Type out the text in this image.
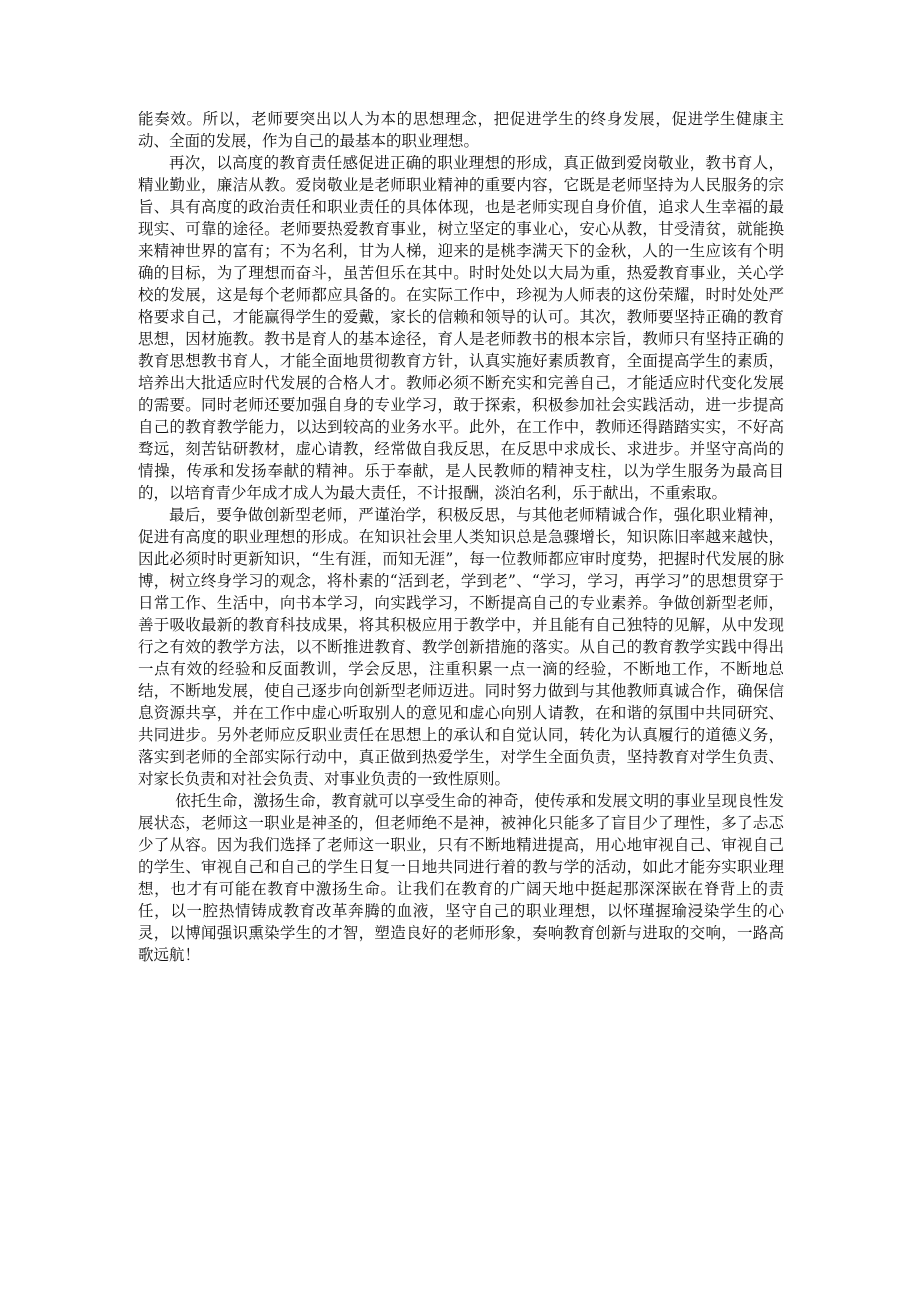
能奏效。所以，老师要突出以人为本的思想理念，把促进学生的终身发展，促进学生健康主动、全面的发展，作为自己的最基本的职业理想。

再次，以高度的教育责任感促进正确的职业理想的形成，真正做到爱岗敬业，教书育人，精业勤业，廉洁从教。爱岗敬业是老师职业精神的重要内容，它既是老师坚持为人民服务的宗旨、具有高度的政治责任和职业责任的具体体现，也是老师实现自身价值，追求人生幸福的最现实、可靠的途径。老师要热爱教育事业，树立坚定的事业心，安心从教，甘受清贫，就能换来精神世界的富有；不为名利，甘为人梯，迎来的是桃李满天下的金秋，人的一生应该有个明确的目标，为了理想而奋斗，虽苦但乐在其中。时时处处以大局为重，热爱教育事业，关心学校的发展，这是每个老师都应具备的。在实际工作中，珍视为人师表的这份荣耀，时时处处严格要求自己，才能赢得学生的爱戴，家长的信赖和领导的认可。其次，教师要坚持正确的教育思想，因材施教。教书是育人的基本途径，育人是老师教书的根本宗旨，教师只有坚持正确的教育思想教书育人，才能全面地贯彻教育方针，认真实施好素质教育，全面提高学生的素质，培养出大批适应时代发展的合格人才。教师必须不断充实和完善自己，才能适应时代变化发展的需要。同时老师还要加强自身的专业学习，敢于探索，积极参加社会实践活动，进一步提高自己的教育教学能力，以达到较高的业务水平。此外，在工作中，教师还得踏踏实实，不好高骛远，刻苦钻研教材，虚心请教，经常做自我反思，在反思中求成长、求进步。并坚守高尚的情操，传承和发扬奉献的精神。乐于奉献，是人民教师的精神支柱，以为学生服务为最高目的，以培育青少年成才成人为最大责任，不计报酬，淡泊名利，乐于献出，不重索取。

最后，要争做创新型老师，严谨治学，积极反思，与其他老师精诚合作，强化职业精神，促进有高度的职业理想的形成。在知识社会里人类知识总是急骤增长，知识陈旧率越来越快，因此必须时时更新知识，“生有涯，而知无涯”，每一位教师都应审时度势，把握时代发展的脉博，树立终身学习的观念，将朴素的“活到老，学到老”、“学习，学习，再学习”的思想贯穿于日常工作、生活中，向书本学习，向实践学习，不断提高自己的专业素养。争做创新型老师，善于吸收最新的教育科技成果，将其积极应用于教学中，并且能有自己独特的见解，从中发现行之有效的教学方法，以不断推进教育、教学创新措施的落实。从自己的教育教学实践中得出一点有效的经验和反面教训，学会反思，注重积累一点一滴的经验，不断地工作，不断地总结，不断地发展，使自己逐步向创新型老师迈进。同时努力做到与其他教师真诚合作，确保信息资源共享，并在工作中虚心听取别人的意见和虚心向别人请教，在和谐的氛围中共同研究、共同进步。另外老师应反职业责任在思想上的承认和自觉认同，转化为认真履行的道德义务，落实到老师的全部实际行动中，真正做到热爱学生，对学生全面负责，坚持教育对学生负责、对家长负责和对社会负责、对事业负责的一致性原则。

依托生命，激扬生命，教育就可以享受生命的神奇，使传承和发展文明的事业呈现良性发展状态，老师这一职业是神圣的，但老师绝不是神，被神化只能多了盲目少了理性，多了忐忑少了从容。因为我们选择了老师这一职业，只有不断地精进提高，用心地审视自己、审视自己的学生、审视自己和自己的学生日复一日地共同进行着的教与学的活动，如此才能夯实职业理想，也才有可能在教育中激扬生命。让我们在教育的广阔天地中挺起那深深嵌在脊背上的责任，以一腔热情铸成教育改革奔腾的血液，坚守自己的职业理想，以怀瑾握瑜浸染学生的心灵，以博闻强识熏染学生的才智，塑造良好的老师形象，奏响教育创新与进取的交响，一路高歌远航！
